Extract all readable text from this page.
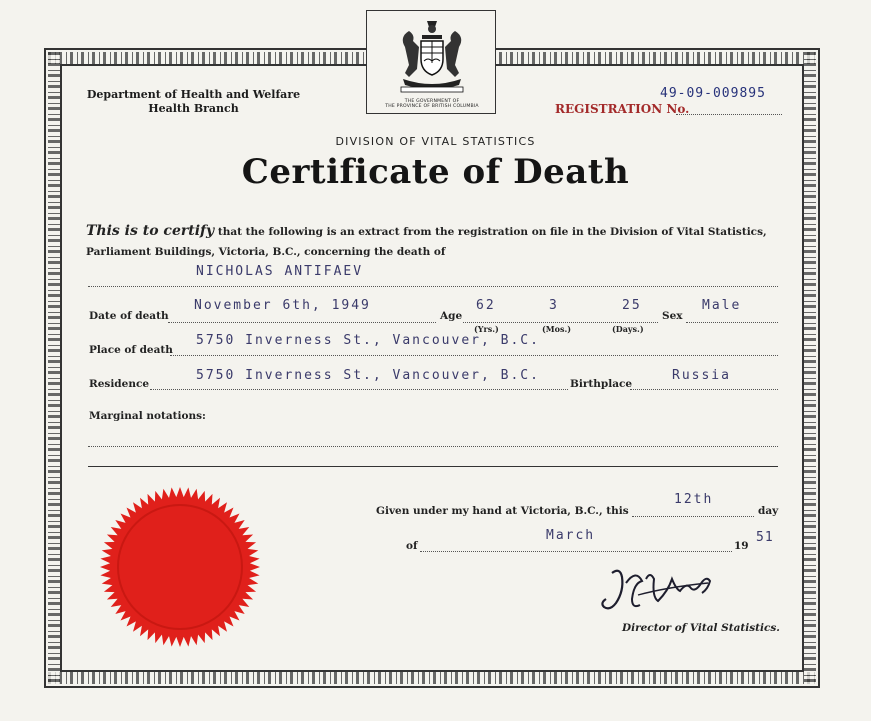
THE GOVERNMENT OF
THE PROVINCE OF BRITISH COLUMBIA
Department of Health and Welfare
Health Branch
49-09-009895
REGISTRATION No.
DIVISION OF VITAL STATISTICS
Certificate of Death
This is to certify that the following is an extract from the registration on file in the Division of Vital Statistics, Parliament Buildings, Victoria, B.C., concerning the death of
NICHOLAS ANTIFAEV
Date of death
November 6th, 1949
Age
62	3	25
(Yrs.)	(Mos.)	(Days.)
Sex
Male
Place of death
5750 Inverness St., Vancouver, B.C.
Residence
5750 Inverness St., Vancouver, B.C.
Birthplace
Russia
Marginal notations:
Given under my hand at Victoria, B.C., this
12th
day
of
March
19
51
Director of Vital Statistics.
